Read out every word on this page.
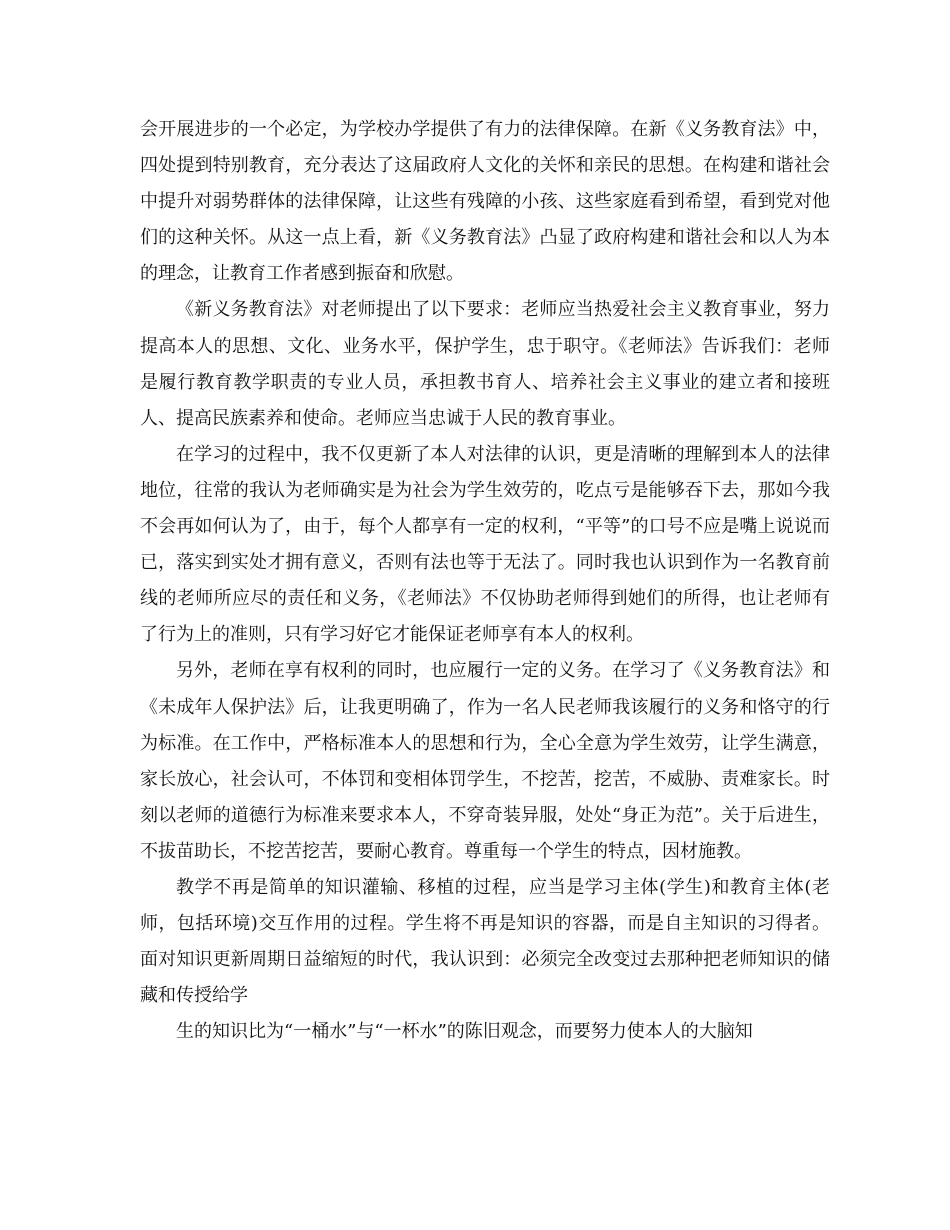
会开展进步的一个必定，为学校办学提供了有力的法律保障。在新《义务教育法》中，四处提到特别教育，充分表达了这届政府人文化的关怀和亲民的思想。在构建和谐社会中提升对弱势群体的法律保障，让这些有残障的小孩、这些家庭看到希望，看到党对他们的这种关怀。从这一点上看，新《义务教育法》凸显了政府构建和谐社会和以人为本的理念，让教育工作者感到振奋和欣慰。

《新义务教育法》对老师提出了以下要求：老师应当热爱社会主义教育事业，努力提高本人的思想、文化、业务水平，保护学生，忠于职守。《老师法》告诉我们：老师是履行教育教学职责的专业人员，承担教书育人、培养社会主义事业的建立者和接班人、提高民族素养和使命。老师应当忠诚于人民的教育事业。

在学习的过程中，我不仅更新了本人对法律的认识，更是清晰的理解到本人的法律地位，往常的我认为老师确实是为社会为学生效劳的，吃点亏是能够吞下去，那如今我不会再如何认为了，由于，每个人都享有一定的权利，“平等”的口号不应是嘴上说说而已，落实到实处才拥有意义，否则有法也等于无法了。同时我也认识到作为一名教育前线的老师所应尽的责任和义务，《老师法》不仅协助老师得到她们的所得，也让老师有了行为上的准则，只有学习好它才能保证老师享有本人的权利。

另外，老师在享有权利的同时，也应履行一定的义务。在学习了《义务教育法》和《未成年人保护法》后，让我更明确了，作为一名人民老师我该履行的义务和恪守的行为标准。在工作中，严格标准本人的思想和行为，全心全意为学生效劳，让学生满意，家长放心，社会认可，不体罚和变相体罚学生，不挖苦，挖苦，不威胁、责难家长。时刻以老师的道德行为标准来要求本人，不穿奇装异服，处处“身正为范”。关于后进生，不拔苗助长，不挖苦挖苦，要耐心教育。尊重每一个学生的特点，因材施教。

教学不再是简单的知识灌输、移植的过程，应当是学习主体(学生)和教育主体(老师，包括环境)交互作用的过程。学生将不再是知识的容器，而是自主知识的习得者。面对知识更新周期日益缩短的时代，我认识到：必须完全改变过去那种把老师知识的储藏和传授给学

生的知识比为“一桶水”与“一杯水”的陈旧观念，而要努力使本人的大脑知
